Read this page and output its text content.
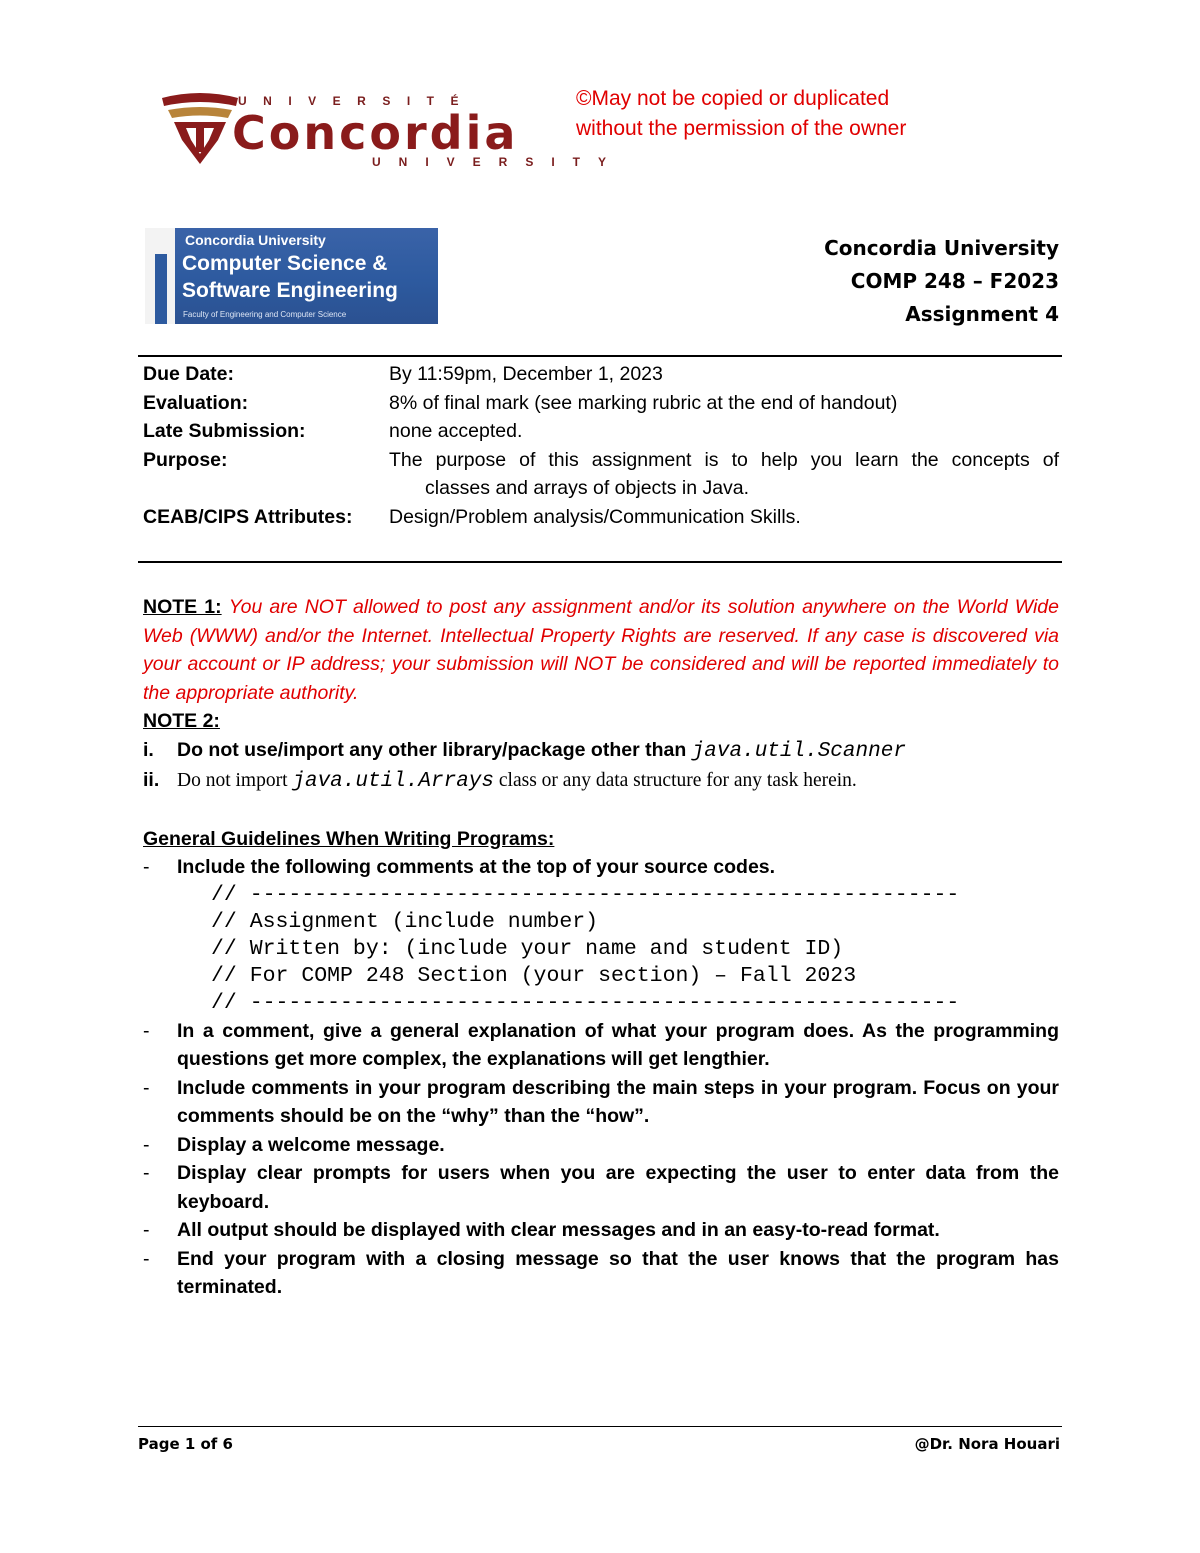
UNIVERSITÉ
Concordia
UNIVERSITY
©May not be copied or duplicated
without the permission of the owner
Concordia University
Computer Science &
Software Engineering
Faculty of Engineering and Computer Science
Concordia University
COMP 248 – F2023
Assignment 4
Due Date:	By 11:59pm, December 1, 2023
Evaluation:	8% of final mark (see marking rubric at the end of handout)
Late Submission:	none accepted.
Purpose:	The purpose of this assignment is to help you learn the concepts of
classes and arrays of objects in Java.
CEAB/CIPS Attributes:	Design/Problem analysis/Communication Skills.
NOTE 1: You are NOT allowed to post any assignment and/or its solution anywhere on the World Wide Web (WWW) and/or the Internet. Intellectual Property Rights are reserved. If any case is discovered via your account or IP address; your submission will NOT be considered and will be reported immediately to the appropriate authority.
NOTE 2:
i.	Do not use/import any other library/package other than java.util.Scanner
ii. Do not import java.util.Arrays class or any data structure for any task herein.
General Guidelines When Writing Programs:
-	Include the following comments at the top of your source codes.
// -------------------------------------------------------
// Assignment (include number)
// Written by: (include your name and student ID)
// For COMP 248 Section (your section) – Fall 2023
// -------------------------------------------------------
-	In a comment, give a general explanation of what your program does. As the programming questions get more complex, the explanations will get lengthier.
-	Include comments in your program describing the main steps in your program. Focus on your comments should be on the “why” than the “how”.
-	Display a welcome message.
-	Display clear prompts for users when you are expecting the user to enter data from the keyboard.
-	All output should be displayed with clear messages and in an easy-to-read format.
-	End your program with a closing message so that the user knows that the program has terminated.
Page 1 of 6	@Dr. Nora Houari
